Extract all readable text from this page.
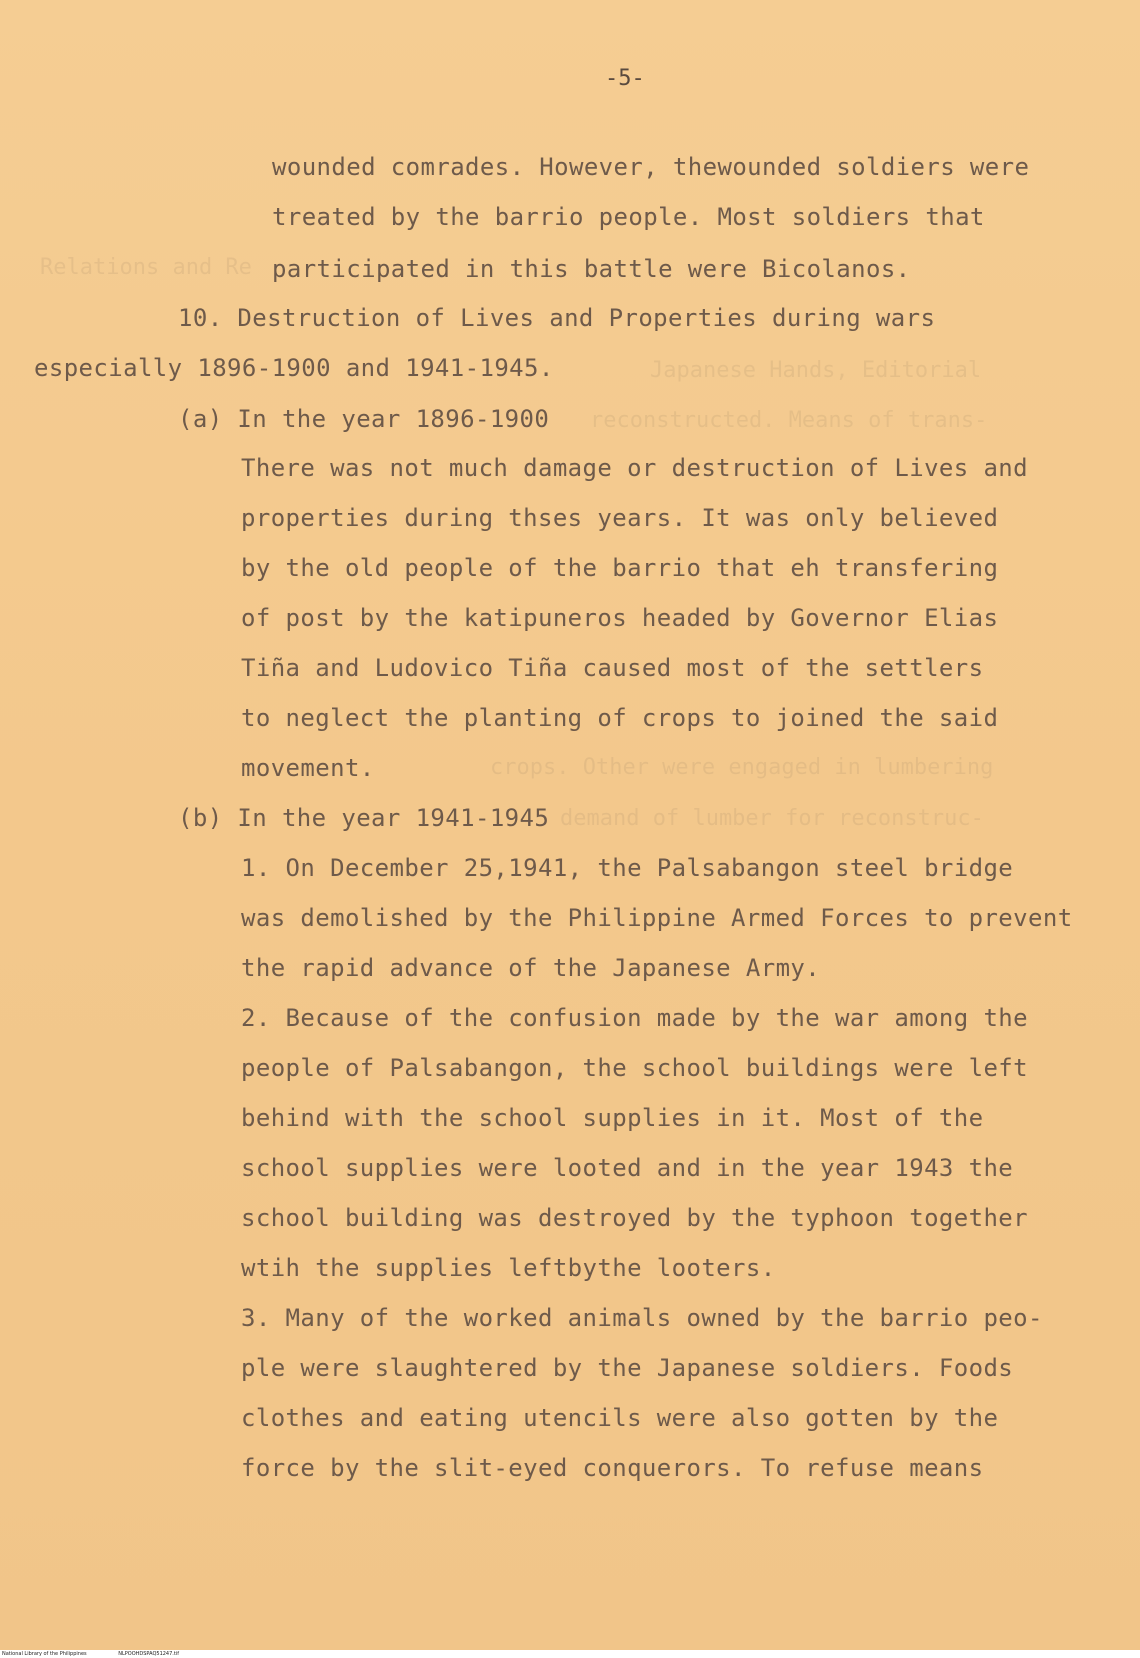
Relations and Re
Japanese Hands, Editorial
reconstructed. Means of trans-
crops. Other were engaged in lumbering
demand of lumber for reconstruc-
-5-
wounded comrades. However, thewounded soldiers were
treated by the barrio people. Most soldiers that
participated in this battle were Bicolanos.
10. Destruction of Lives and Properties during wars
especially 1896-1900 and 1941-1945.
(a) In the year 1896-1900
There was not much damage or destruction of Lives and
properties during thses years. It was only believed
by the old people of the barrio that eh transfering
of post by the katipuneros headed by Governor Elias
Tiña and Ludovico Tiña caused most of the settlers
to neglect the planting of crops to joined the said
movement.
(b) In the year 1941-1945
1. On December 25,1941, the Palsabangon steel bridge
was demolished by the Philippine Armed Forces to prevent
the rapid advance of the Japanese Army.
2. Because of the confusion made by the war among the
people of Palsabangon, the school buildings were left
behind with the school supplies in it. Most of the
school supplies were looted and in the year 1943 the
school building was destroyed by the typhoon together
wtih the supplies leftbythe looters.
3. Many of the worked animals owned by the barrio peo-
ple were slaughtered by the Japanese soldiers. Foods
clothes and eating utencils were also gotten by the
force by the slit-eyed conquerors. To refuse means
National Library of the Philippines	NLPOOHDSPAQ51247.tif
